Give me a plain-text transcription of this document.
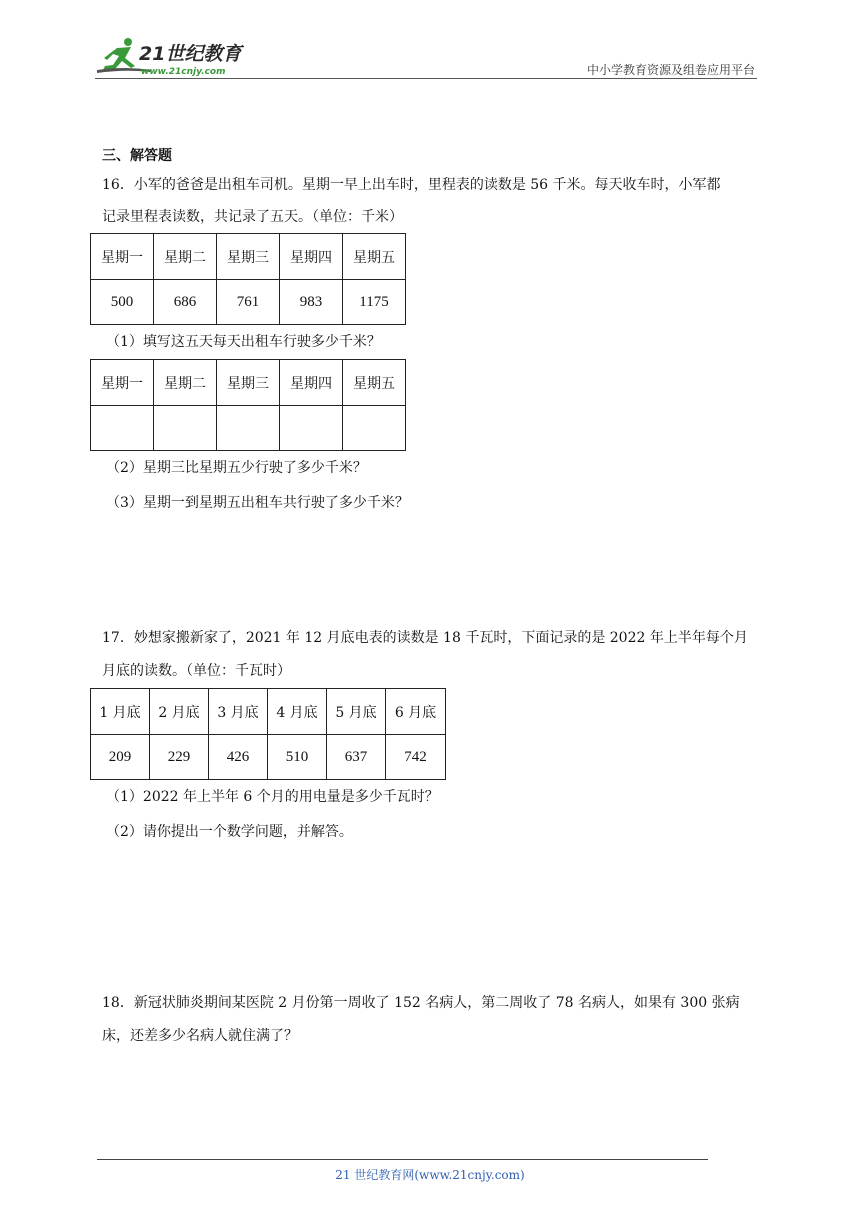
21世纪教育
www.21cnjy.com	中小学教育资源及组卷应用平台
三、解答题
16．小军的爸爸是出租车司机。星期一早上出车时，里程表的读数是 56 千米。每天收车时，小军都
记录里程表读数，共记录了五天。（单位：千米）
星期一	星期二	星期三	星期四	星期五
500	686	761	983	1175
（1）填写这五天每天出租车行驶多少千米？
星期一	星期二	星期三	星期四	星期五

（2）星期三比星期五少行驶了多少千米？
（3）星期一到星期五出租车共行驶了多少千米？
17．妙想家搬新家了，2021 年 12 月底电表的读数是 18 千瓦时，下面记录的是 2022 年上半年每个月
月底的读数。（单位：千瓦时）
1 月底	2 月底	3 月底	4 月底	5 月底	6 月底
209	229	426	510	637	742
（1）2022 年上半年 6 个月的用电量是多少千瓦时？
（2）请你提出一个数学问题，并解答。
18．新冠状肺炎期间某医院 2 月份第一周收了 152 名病人，第二周收了 78 名病人，如果有 300 张病
床，还差多少名病人就住满了？
21 世纪教育网(www.21cnjy.com)
